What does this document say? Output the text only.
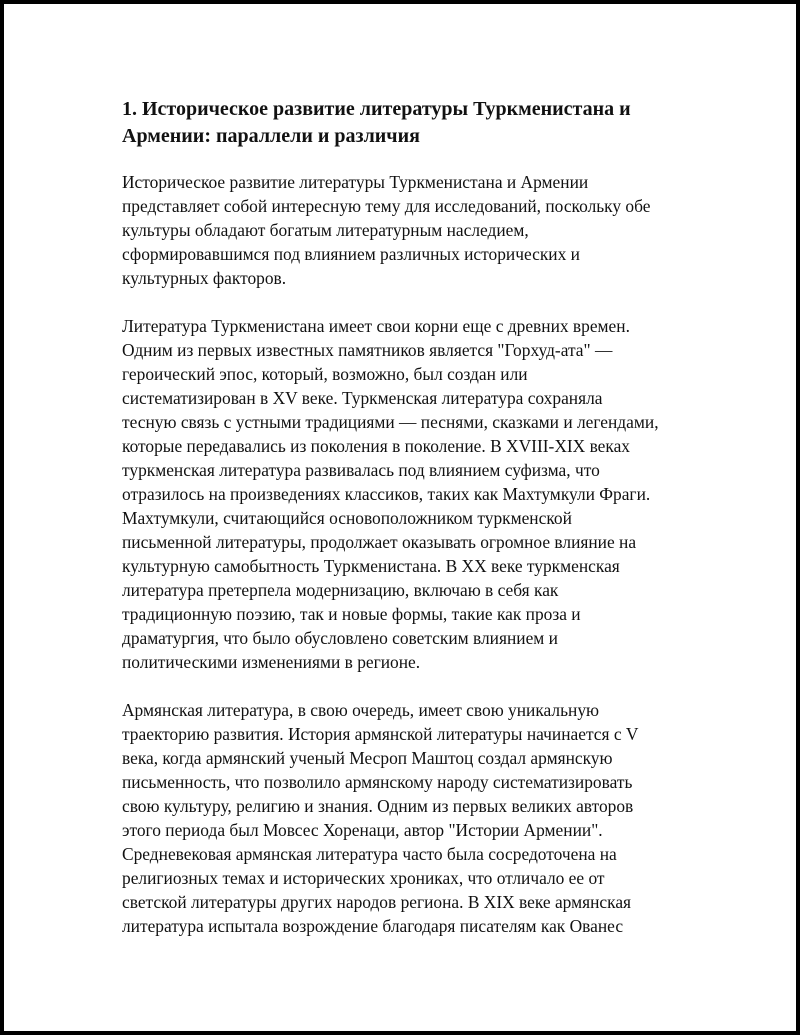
1. Историческое развитие литературы Туркменистана и
Армении: параллели и различия

Историческое развитие литературы Туркменистана и Армении
представляет собой интересную тему для исследований, поскольку обе
культуры обладают богатым литературным наследием,
сформировавшимся под влиянием различных исторических и
культурных факторов.

Литература Туркменистана имеет свои корни еще с древних времен.
Одним из первых известных памятников является "Горхуд-ата" —
героический эпос, который, возможно, был создан или
систематизирован в XV веке. Туркменская литература сохраняла
тесную связь с устными традициями — песнями, сказками и легендами,
которые передавались из поколения в поколение. В XVIII-XIX веках
туркменская литература развивалась под влиянием суфизма, что
отразилось на произведениях классиков, таких как Махтумкули Фраги.
Махтумкули, считающийся основоположником туркменской
письменной литературы, продолжает оказывать огромное влияние на
культурную самобытность Туркменистана. В XX веке туркменская
литература претерпела модернизацию, включаю в себя как
традиционную поэзию, так и новые формы, такие как проза и
драматургия, что было обусловлено советским влиянием и
политическими изменениями в регионе.

Армянская литература, в свою очередь, имеет свою уникальную
траекторию развития. История армянской литературы начинается с V
века, когда армянский ученый Месроп Маштоц создал армянскую
письменность, что позволило армянскому народу систематизировать
свою культуру, религию и знания. Одним из первых великих авторов
этого периода был Мовсес Хоренаци, автор "Истории Армении".
Средневековая армянская литература часто была сосредоточена на
религиозных темах и исторических хрониках, что отличало ее от
светской литературы других народов региона. В XIX веке армянская
литература испытала возрождение благодаря писателям как Ованес
